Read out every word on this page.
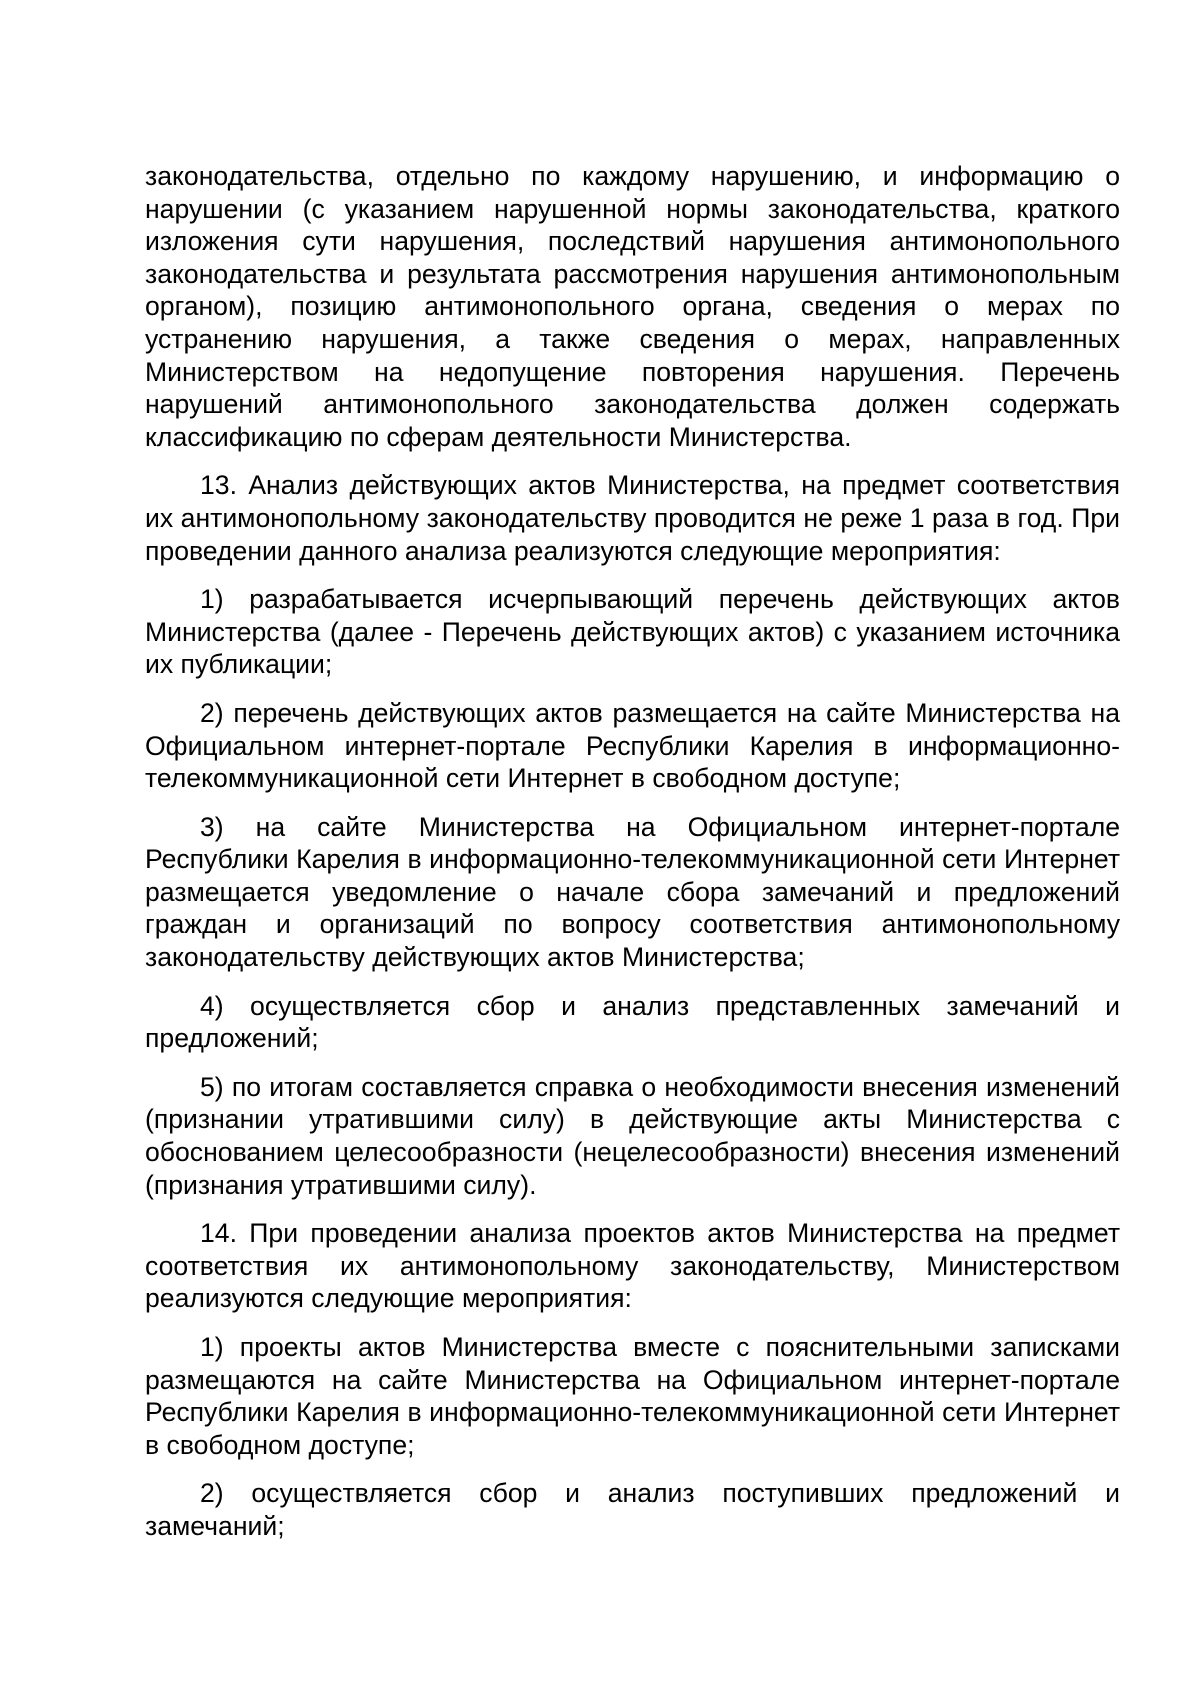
законодательства, отдельно по каждому нарушению, и информацию о нарушении (с указанием нарушенной нормы законодательства, краткого изложения сути нарушения, последствий нарушения антимонопольного законодательства и результата рассмотрения нарушения антимонопольным органом), позицию антимонопольного органа, сведения о мерах по устранению нарушения, а также сведения о мерах, направленных Министерством на недопущение повторения нарушения. Перечень нарушений антимонопольного законодательства должен содержать классификацию по сферам деятельности Министерства.

13. Анализ действующих актов Министерства, на предмет соответствия их антимонопольному законодательству проводится не реже 1 раза в год. При проведении данного анализа реализуются следующие мероприятия:

1) разрабатывается исчерпывающий перечень действующих актов Министерства (далее - Перечень действующих актов) с указанием источника их публикации;

2) перечень действующих актов размещается на сайте Министерства на Официальном интернет-портале Республики Карелия в информационно-телекоммуникационной сети Интернет в свободном доступе;

3) на сайте Министерства на Официальном интернет-портале Республики Карелия в информационно-телекоммуникационной сети Интернет размещается уведомление о начале сбора замечаний и предложений граждан и организаций по вопросу соответствия антимонопольному законодательству действующих актов Министерства;

4) осуществляется сбор и анализ представленных замечаний и предложений;

5) по итогам составляется справка о необходимости внесения изменений (признании утратившими силу) в действующие акты Министерства с обоснованием целесообразности (нецелесообразности) внесения изменений (признания утратившими силу).

14. При проведении анализа проектов актов Министерства на предмет соответствия их антимонопольному законодательству, Министерством реализуются следующие мероприятия:

1) проекты актов Министерства вместе с пояснительными записками размещаются на сайте Министерства на Официальном интернет-портале Республики Карелия в информационно-телекоммуникационной сети Интернет в свободном доступе;

2) осуществляется сбор и анализ поступивших предложений и замечаний;
